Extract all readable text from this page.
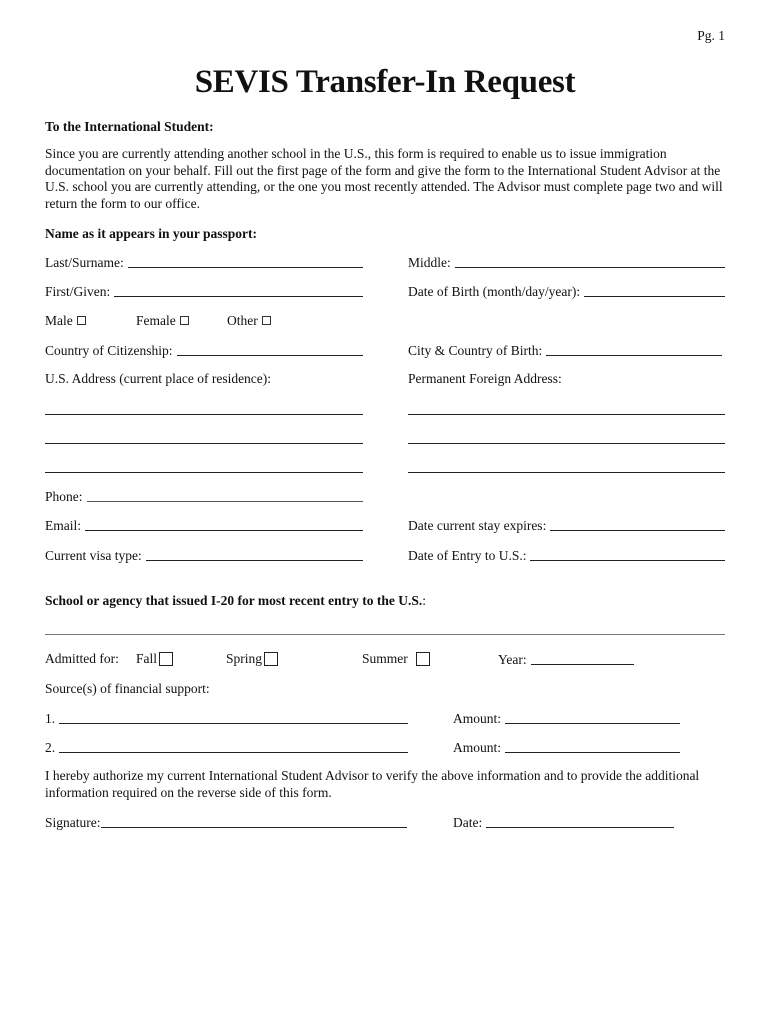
Pg. 1
SEVIS Transfer-In Request
To the International Student:
Since you are currently attending another school in the U.S., this form is required to enable us to issue immigration documentation on your behalf. Fill out the first page of the form and give the form to the International Student Advisor at the U.S. school you are currently attending, or the one you most recently attended. The Advisor must complete page two and will return the form to our office.
Name as it appears in your passport:
Last/Surname:	Middle:
First/Given:	Date of Birth (month/day/year):
Male	Female	Other
Country of Citizenship:	City & Country of Birth:
U.S. Address (current place of residence):	Permanent Foreign Address:
Phone:
Email:	Date current stay expires:
Current visa type:	Date of Entry to U.S.:
School or agency that issued I-20 for most recent entry to the U.S.:
Admitted for: Fall	Spring	Summer	Year:
Source(s) of financial support:
1.	Amount:
2.	Amount:
I hereby authorize my current International Student Advisor to verify the above information and to provide the additional information required on the reverse side of this form.
Signature:	Date:
